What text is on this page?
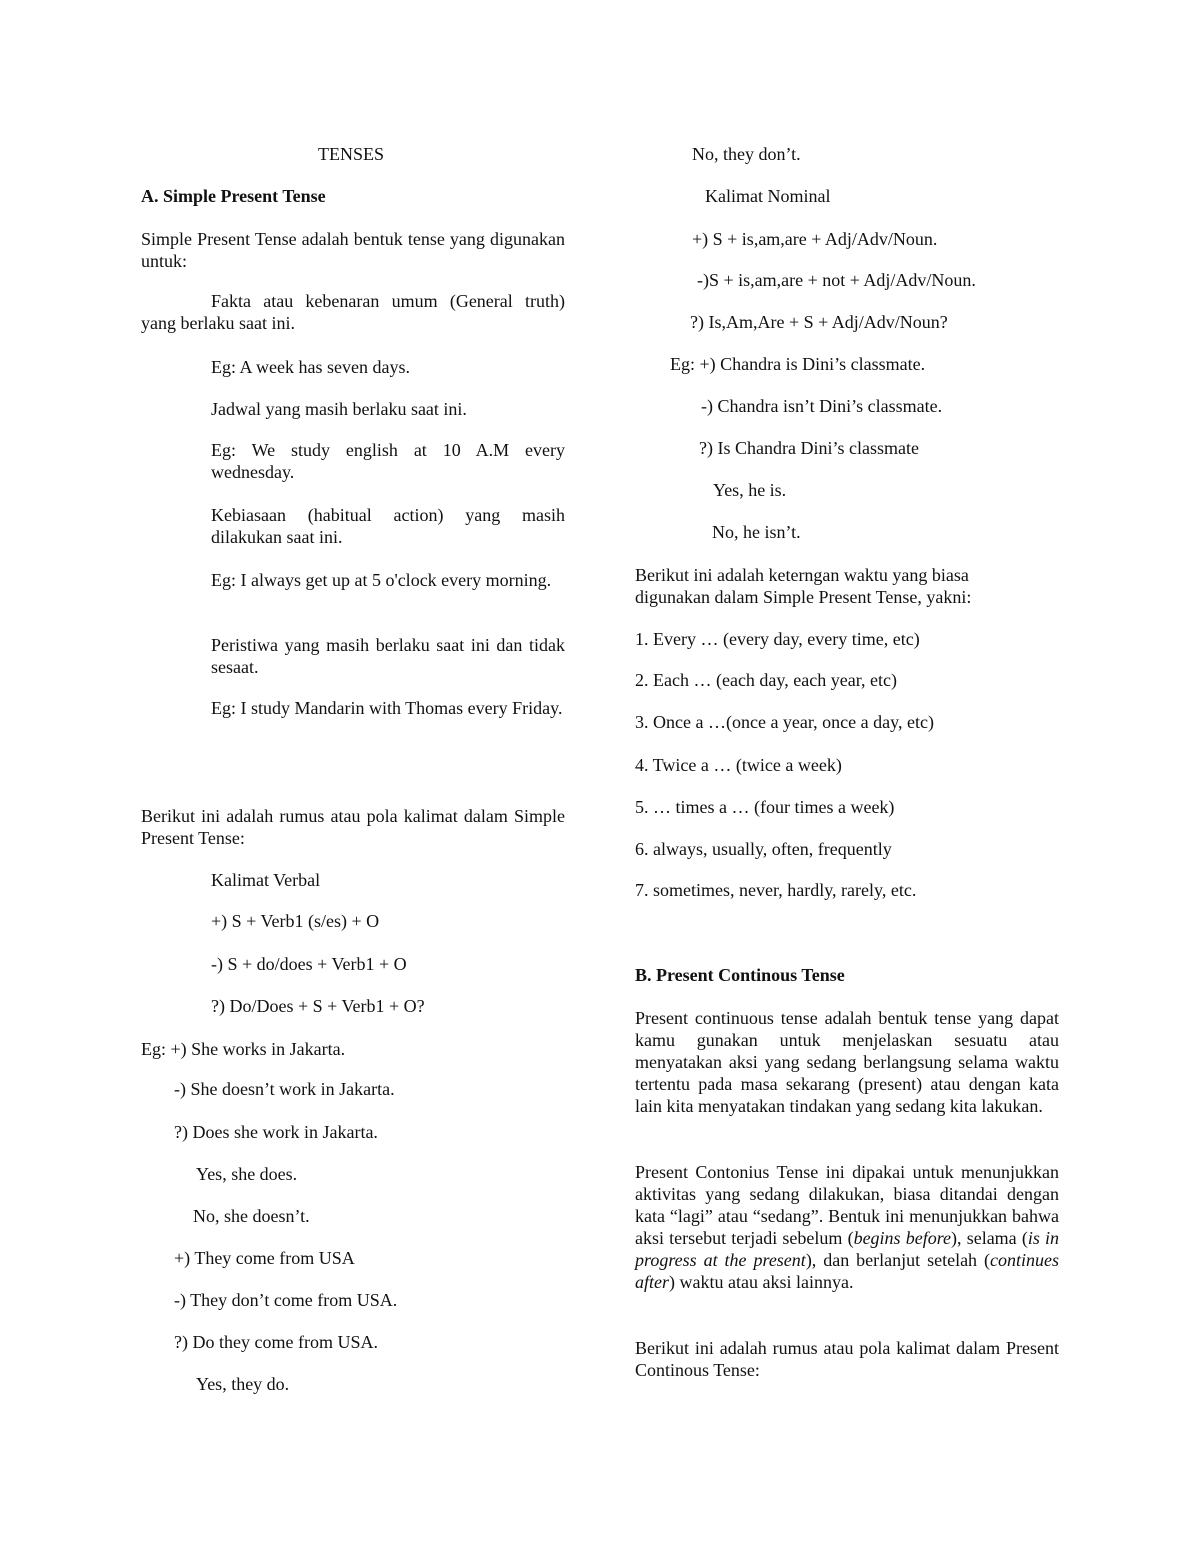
TENSES
A. Simple Present Tense
Simple Present Tense adalah bentuk tense yang digunakan untuk:
Fakta atau kebenaran umum (General truth) yang berlaku saat ini.
Eg: A week has seven days.
Jadwal yang masih berlaku saat ini.
Eg: We study english at 10 A.M every wednesday.
Kebiasaan (habitual action) yang masih dilakukan saat ini.
Eg: I always get up at 5 o'clock every morning.
Peristiwa yang masih berlaku saat ini dan tidak sesaat.
Eg: I study Mandarin with Thomas every Friday.
Berikut ini adalah rumus atau pola kalimat dalam Simple Present Tense:
Kalimat Verbal
+) S + Verb1 (s/es) + O
-) S + do/does + Verb1 + O
?) Do/Does + S + Verb1 + O?
Eg: +) She works in Jakarta.
-) She doesn’t work in Jakarta.
?) Does she work in Jakarta.
Yes, she does.
No, she doesn’t.
+) They come from USA
-) They don’t come from USA.
?) Do they come from USA.
Yes, they do.
No, they don’t.
Kalimat Nominal
+) S + is,am,are + Adj/Adv/Noun.
-)S + is,am,are + not + Adj/Adv/Noun.
?) Is,Am,Are + S + Adj/Adv/Noun?
Eg: +) Chandra is Dini’s classmate.
-) Chandra isn’t Dini’s classmate.
?) Is Chandra Dini’s classmate
Yes, he is.
No, he isn’t.
Berikut ini adalah keterngan waktu yang biasa digunakan dalam Simple Present Tense, yakni:
1. Every … (every day, every time, etc)
2. Each … (each day, each year, etc)
3. Once a …(once a year, once a day, etc)
4. Twice a … (twice a week)
5. … times a … (four times a week)
6. always, usually, often, frequently
7. sometimes, never, hardly, rarely, etc.
B. Present Continous Tense
Present continuous tense adalah bentuk tense yang dapat kamu gunakan untuk menjelaskan sesuatu atau menyatakan aksi yang sedang berlangsung selama waktu tertentu pada masa sekarang (present) atau dengan kata lain kita menyatakan tindakan yang sedang kita lakukan.
Present Contonius Tense ini dipakai untuk menunjukkan aktivitas yang sedang dilakukan, biasa ditandai dengan kata “lagi” atau “sedang”. Bentuk ini menunjukkan bahwa aksi tersebut terjadi sebelum (begins before), selama (is in progress at the present), dan berlanjut setelah (continues after) waktu atau aksi lainnya.
Berikut ini adalah rumus atau pola kalimat dalam Present Continous Tense:
